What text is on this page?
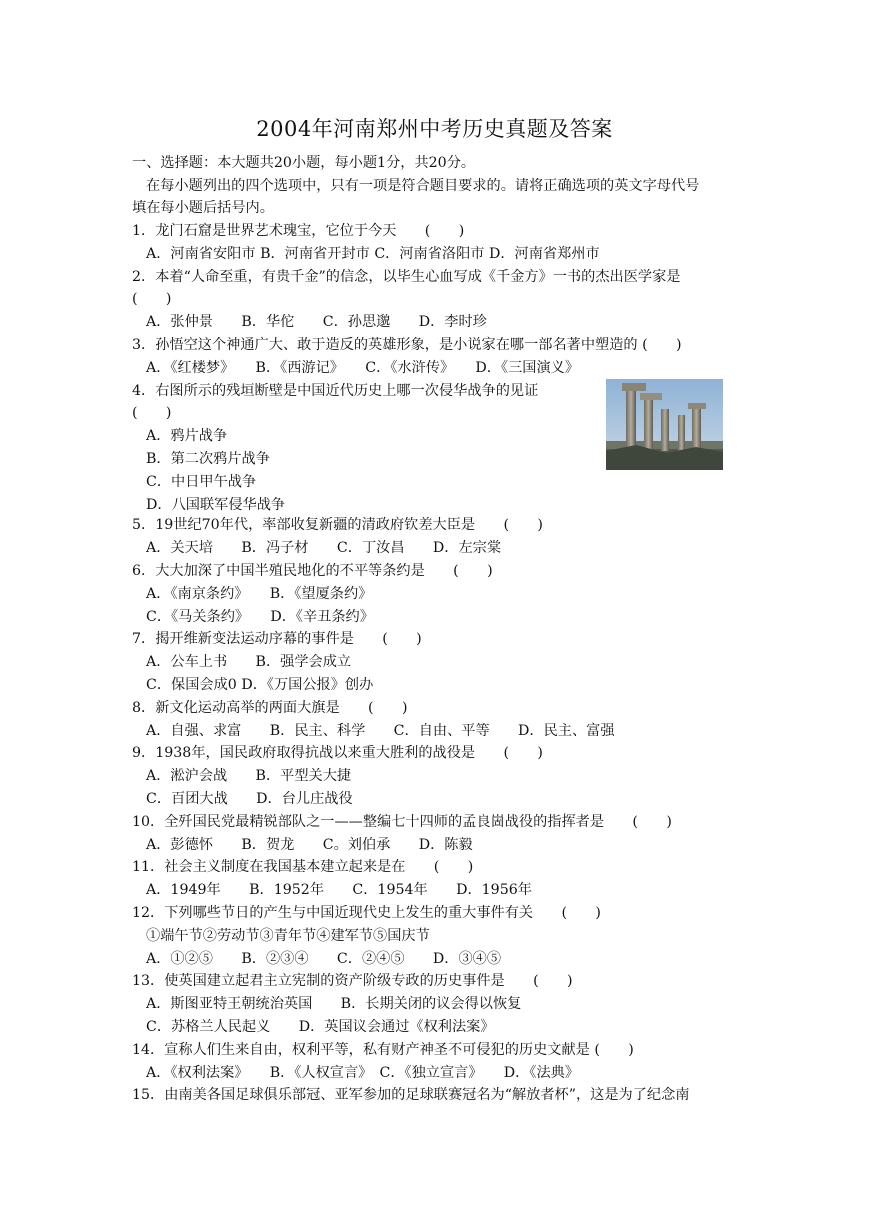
2004年河南郑州中考历史真题及答案
一、选择题：本大题共20小题，每小题1分，共20分。
在每小题列出的四个选项中，只有一项是符合题目要求的。请将正确选项的英文字母代号
填在每小题后括号内。
1．龙门石窟是世界艺术瑰宝，它位于今天　　(　　)
A．河南省安阳市 B．河南省开封市 C．河南省洛阳市 D．河南省郑州市
2．本着“人命至重，有贵千金”的信念，以毕生心血写成《千金方》一书的杰出医学家是
(　　)
A．张仲景　　B．华佗　　C．孙思邈　　D．李时珍
3．孙悟空这个神通广大、敢于造反的英雄形象，是小说家在哪一部名著中塑造的 (　　)
A．《红楼梦》　　B．《西游记》　　C．《水浒传》　　D．《三国演义》
4．右图所示的残垣断壁是中国近代历史上哪一次侵华战争的见证
(　　)
A．鸦片战争
B．第二次鸦片战争
C．中日甲午战争
D．八国联军侵华战争
5．19世纪70年代，率部收复新疆的清政府钦差大臣是　　(　　)
A．关天培　　B．冯子材　　C．丁汝昌　　D．左宗棠
6．大大加深了中国半殖民地化的不平等条约是　　(　　)
A．《南京条约》　　B．《望厦条约》
C．《马关条约》　　D．《辛丑条约》
7．揭开维新变法运动序幕的事件是　　(　　)
A．公车上书　　B．强学会成立
C．保国会成0 D．《万国公报》创办
8．新文化运动高举的两面大旗是　　(　　)
A．自强、求富　　B．民主、科学　　C．自由、平等　　D．民主、富强
9．1938年，国民政府取得抗战以来重大胜利的战役是　　(　　)
A．淞沪会战　　B．平型关大捷
C．百团大战　　D．台儿庄战役
10．全歼国民党最精锐部队之一——整编七十四师的孟良崮战役的指挥者是　　(　　)
A．彭德怀　　B．贺龙　　C。刘伯承　　D．陈毅
11．社会主义制度在我国基本建立起来是在　　(　　)
A．1949年　　B．1952年　　C．1954年　　D．1956年
12．下列哪些节日的产生与中国近现代史上发生的重大事件有关　　(　　)
①端午节②劳动节③青年节④建军节⑤国庆节
A．①②⑤　　B．②③④　　C．②④⑤　　D．③④⑤
13．使英国建立起君主立宪制的资产阶级专政的历史事件是　　(　　)
A．斯图亚特王朝统治英国　　B．长期关闭的议会得以恢复
C．苏格兰人民起义　　D．英国议会通过《权利法案》
14．宣称人们生来自由，权利平等，私有财产神圣不可侵犯的历史文献是 (　　)
A．《权利法案》　　B．《人权宣言》　C．《独立宣言》　　D．《法典》
15．由南美各国足球俱乐部冠、亚军参加的足球联赛冠名为“解放者杯”，这是为了纪念南
